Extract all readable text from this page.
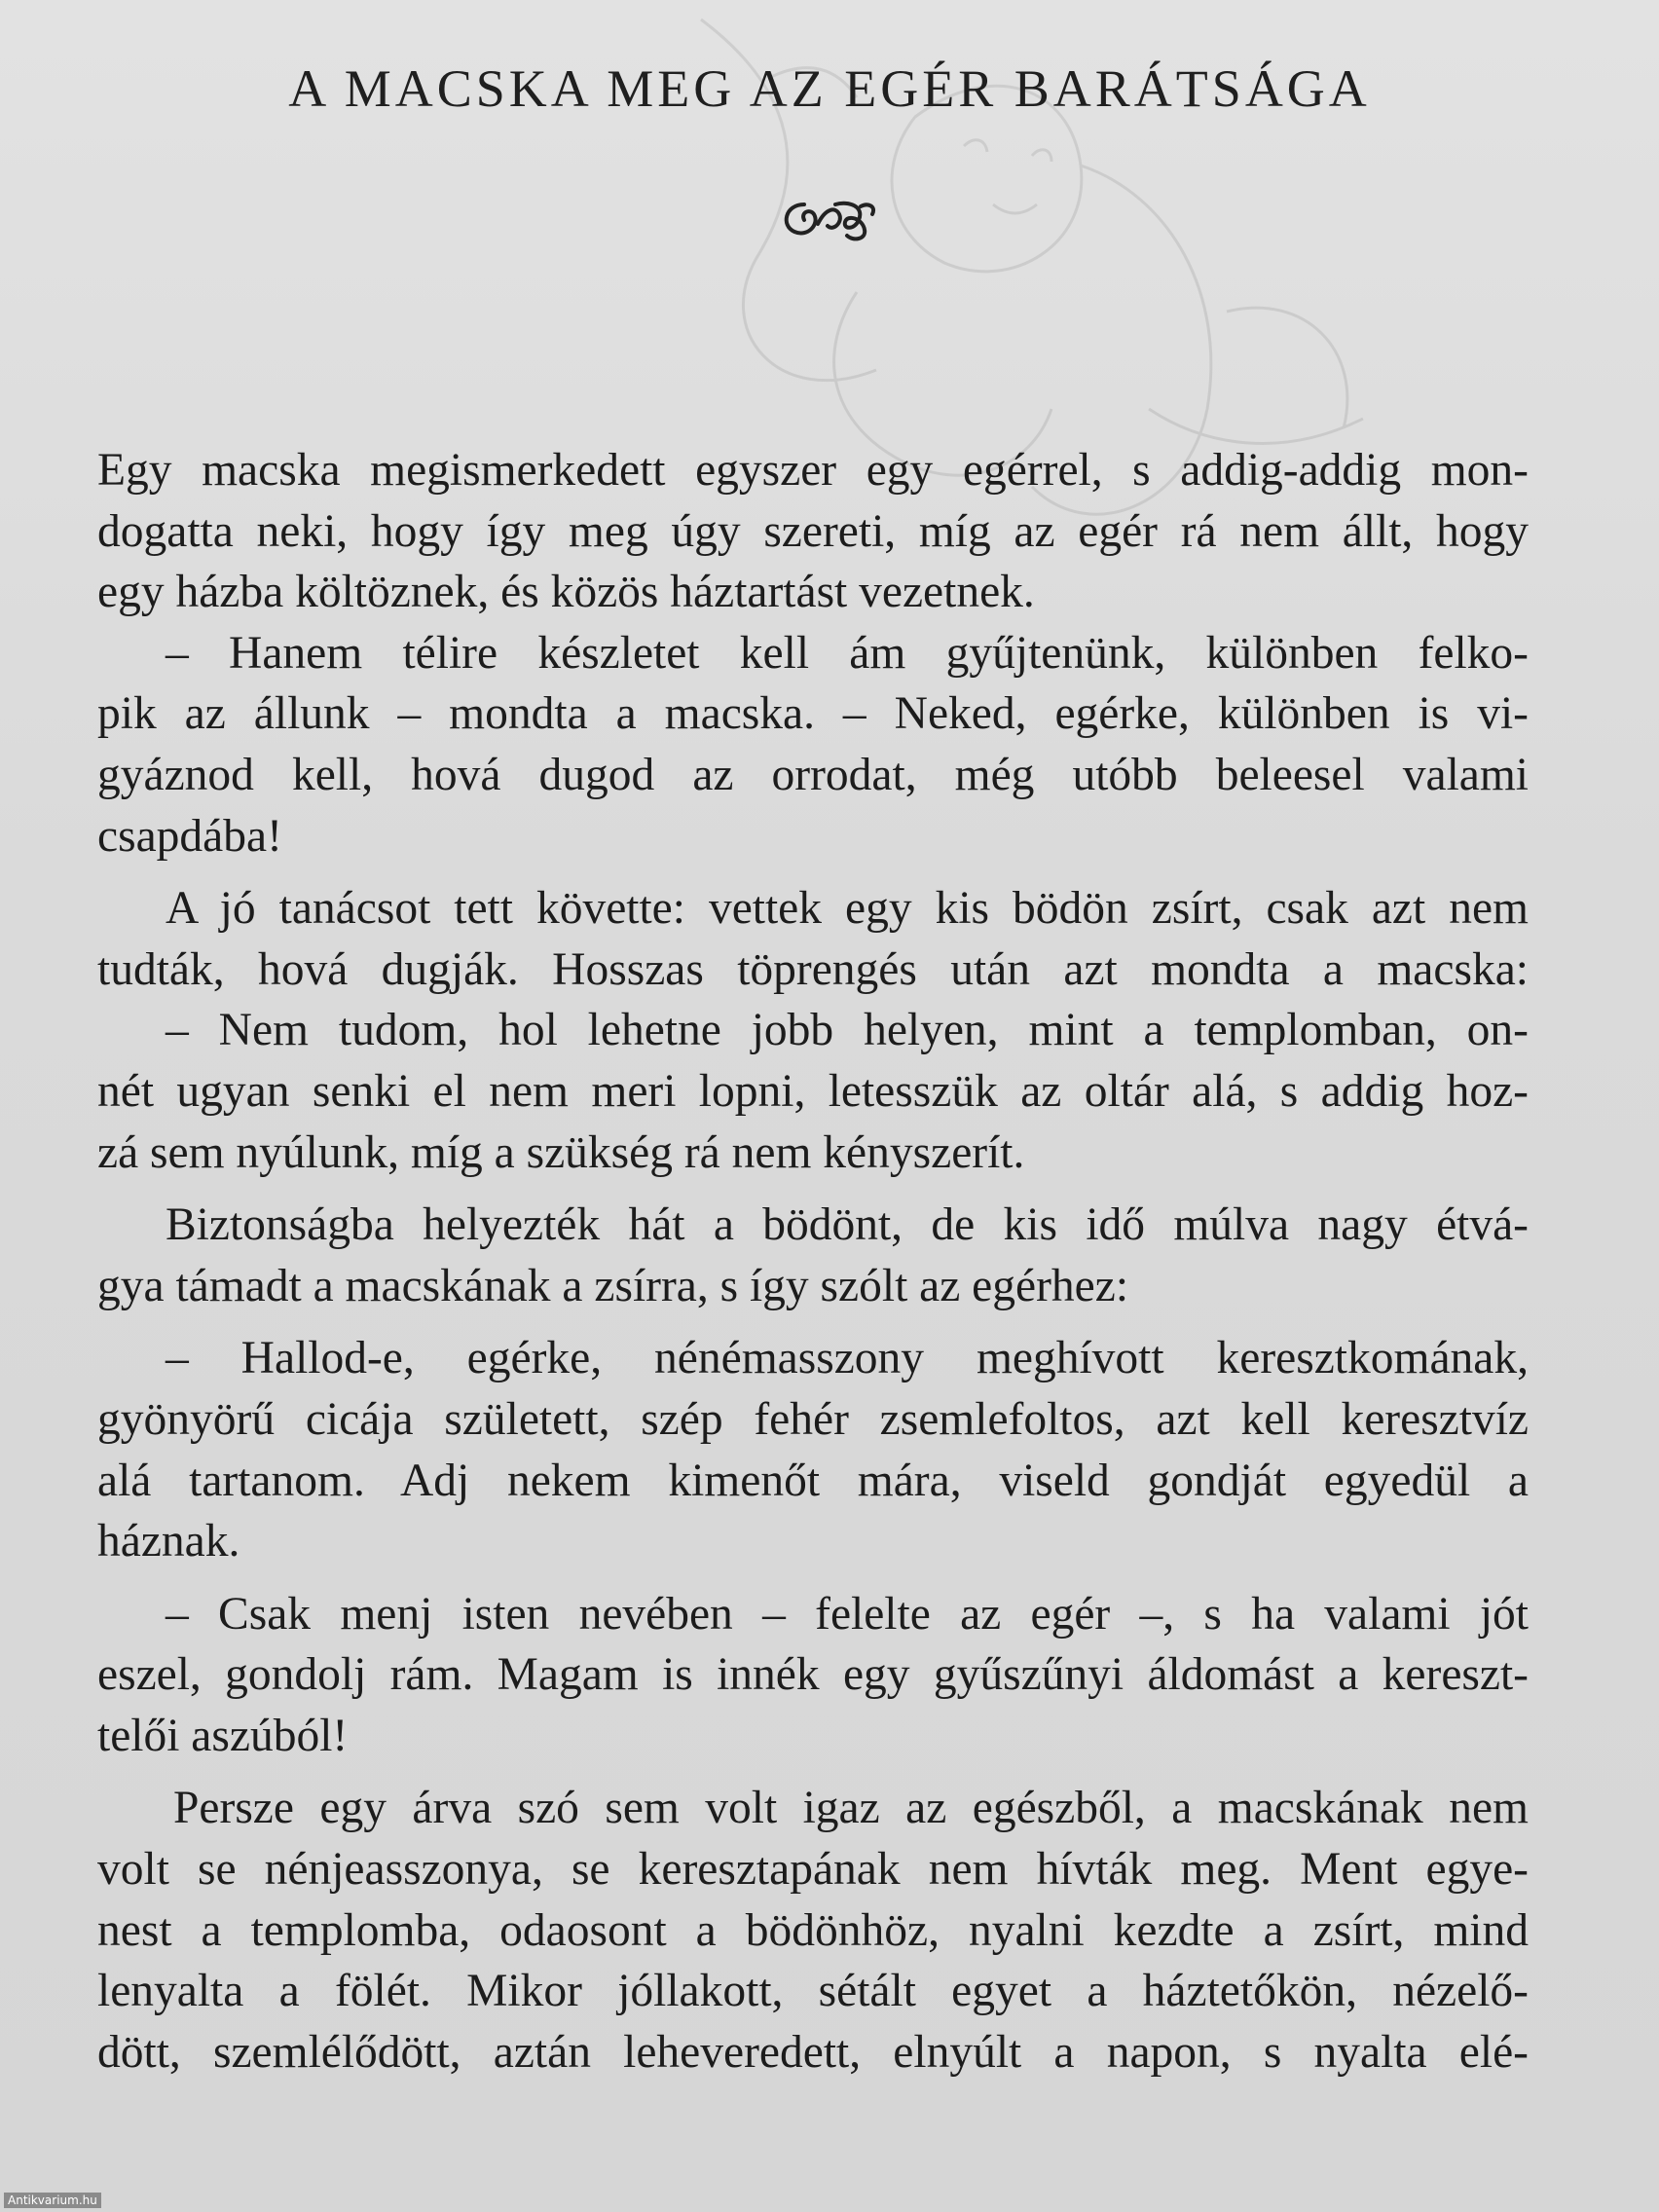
A MACSKA MEG AZ EGÉR BARÁTSÁGA
Egy macska megismerkedett egyszer egy egérrel, s addig-addig mon-
dogatta neki, hogy így meg úgy szereti, míg az egér rá nem állt, hogy
egy házba költöznek, és közös háztartást vezetnek.
– Hanem télire készletet kell ám gyűjtenünk, különben felko-
pik az állunk – mondta a macska. – Neked, egérke, különben is vi-
gyáznod kell, hová dugod az orrodat, még utóbb beleesel valami
csapdába!
A jó tanácsot tett követte: vettek egy kis bödön zsírt, csak azt nem
tudták, hová dugják. Hosszas töprengés után azt mondta a macska:
– Nem tudom, hol lehetne jobb helyen, mint a templomban, on-
nét ugyan senki el nem meri lopni, letesszük az oltár alá, s addig hoz-
zá sem nyúlunk, míg a szükség rá nem kényszerít.
Biztonságba helyezték hát a bödönt, de kis idő múlva nagy étvá-
gya támadt a macskának a zsírra, s így szólt az egérhez:
– Hallod-e, egérke, nénémasszony meghívott keresztkomának,
gyönyörű cicája született, szép fehér zsemlefoltos, azt kell keresztvíz
alá tartanom. Adj nekem kimenőt mára, viseld gondját egyedül a
háznak.
– Csak menj isten nevében – felelte az egér –, s ha valami jót
eszel, gondolj rám. Magam is innék egy gyűszűnyi áldomást a kereszt-
telői aszúból!
Persze egy árva szó sem volt igaz az egészből, a macskának nem
volt se nénjeasszonya, se keresztapának nem hívták meg. Ment egye-
nest a templomba, odaosont a bödönhöz, nyalni kezdte a zsírt, mind
lenyalta a fölét. Mikor jóllakott, sétált egyet a háztetőkön, nézelő-
dött, szemlélődött, aztán leheveredett, elnyúlt a napon, s nyalta elé-
Antikvarium.hu
